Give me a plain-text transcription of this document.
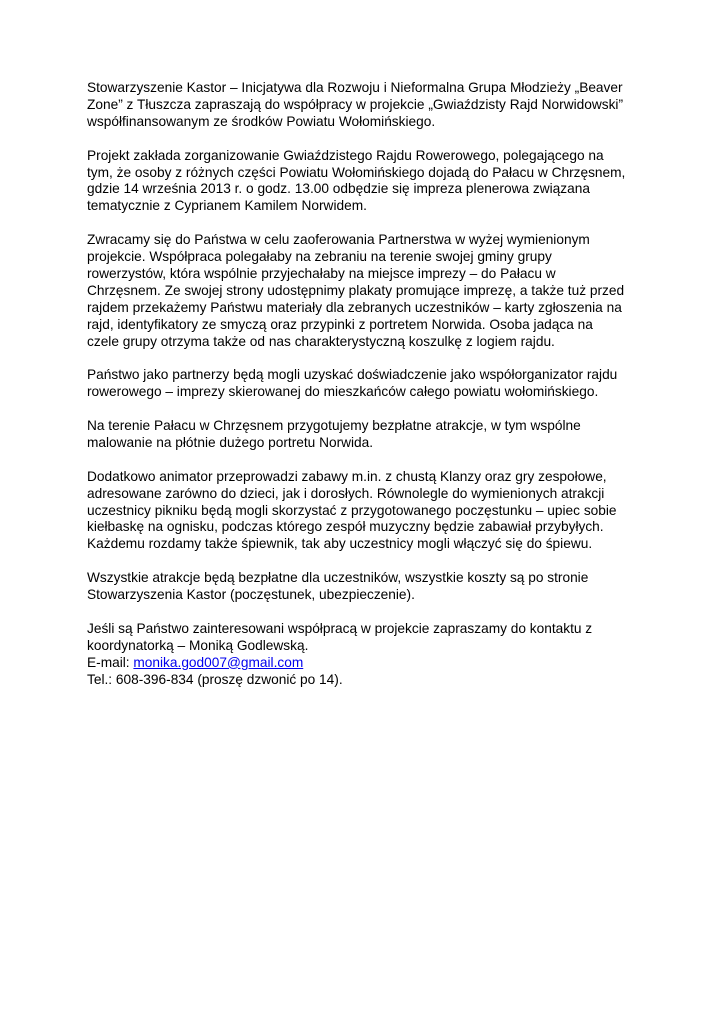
Stowarzyszenie Kastor – Inicjatywa dla Rozwoju i Nieformalna Grupa Młodzieży „Beaver
Zone” z Tłuszcza zapraszają do współpracy w projekcie „Gwiaździsty Rajd Norwidowski”
współfinansowanym ze środków Powiatu Wołomińskiego.

Projekt zakłada zorganizowanie Gwiaździstego Rajdu Rowerowego, polegającego na
tym, że osoby z różnych części Powiatu Wołomińskiego dojadą do Pałacu w Chrzęsnem,
gdzie 14 września 2013 r. o godz. 13.00 odbędzie się impreza plenerowa związana
tematycznie z Cyprianem Kamilem Norwidem.

Zwracamy się do Państwa w celu zaoferowania Partnerstwa w wyżej wymienionym
projekcie. Współpraca polegałaby na zebraniu na terenie swojej gminy grupy
rowerzystów, która wspólnie przyjechałaby na miejsce imprezy – do Pałacu w
Chrzęsnem. Ze swojej strony udostępnimy plakaty promujące imprezę, a także tuż przed
rajdem przekażemy Państwu materiały dla zebranych uczestników – karty zgłoszenia na
rajd, identyfikatory ze smyczą oraz przypinki z portretem Norwida. Osoba jadąca na
czele grupy otrzyma także od nas charakterystyczną koszulkę z logiem rajdu.

Państwo jako partnerzy będą mogli uzyskać doświadczenie jako współorganizator rajdu
rowerowego – imprezy skierowanej do mieszkańców całego powiatu wołomińskiego.

Na terenie Pałacu w Chrzęsnem przygotujemy bezpłatne atrakcje, w tym wspólne
malowanie na płótnie dużego portretu Norwida.

Dodatkowo animator przeprowadzi zabawy m.in. z chustą Klanzy oraz gry zespołowe,
adresowane zarówno do dzieci, jak i dorosłych. Równolegle do wymienionych atrakcji
uczestnicy pikniku będą mogli skorzystać z przygotowanego poczęstunku – upiec sobie
kiełbaskę na ognisku, podczas którego zespół muzyczny będzie zabawiał przybyłych.
Każdemu rozdamy także śpiewnik, tak aby uczestnicy mogli włączyć się do śpiewu.

Wszystkie atrakcje będą bezpłatne dla uczestników, wszystkie koszty są po stronie
Stowarzyszenia Kastor (poczęstunek, ubezpieczenie).

Jeśli są Państwo zainteresowani współpracą w projekcie zapraszamy do kontaktu z
koordynatorką – Moniką Godlewską.
E-mail: monika.god007@gmail.com
Tel.: 608-396-834 (proszę dzwonić po 14).
